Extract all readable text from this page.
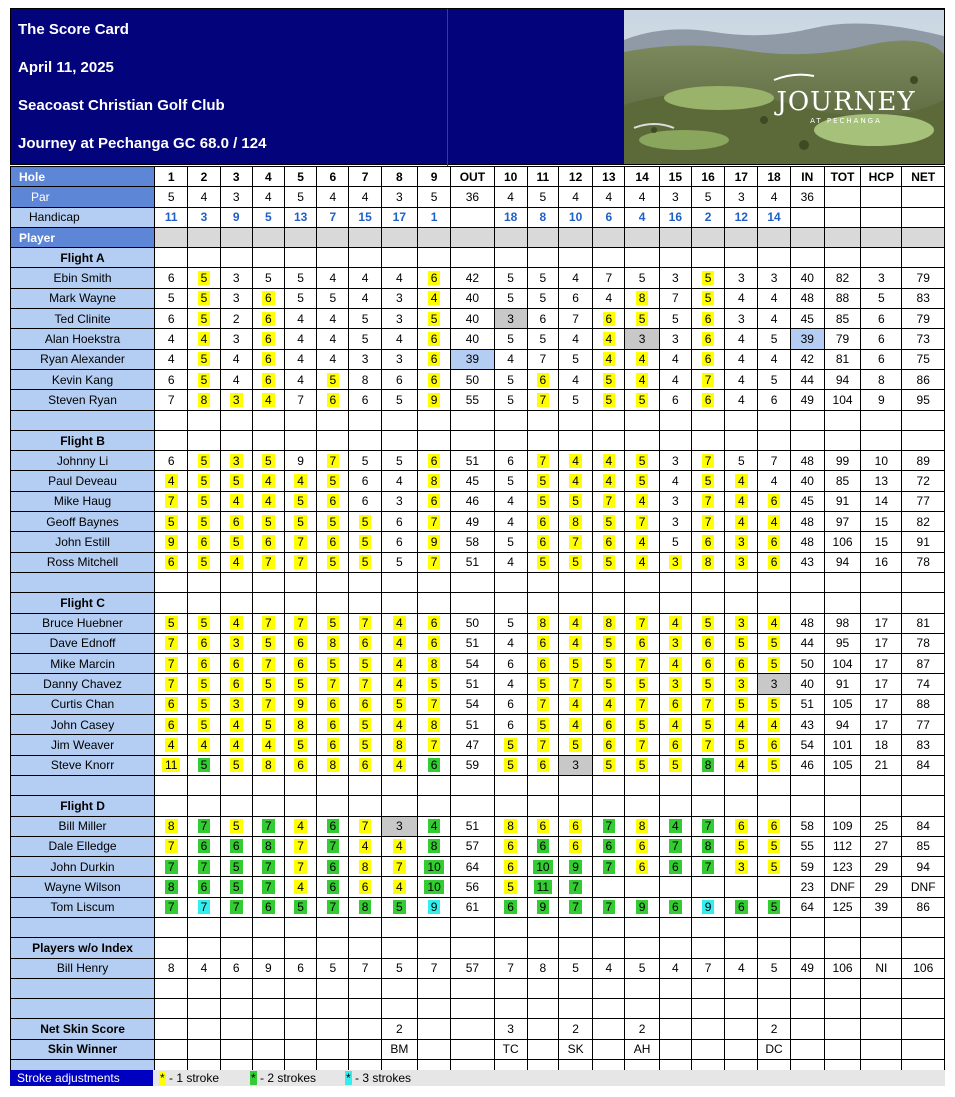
The Score Card
April 11, 2025
Seacoast Christian Golf Club
Journey at Pechanga GC 68.0 / 124
JOURNEY
AT PECHANGA
Hole	1	2	3	4	5	6	7	8	9	OUT	10	11	12	13	14	15	16	17	18	IN	TOT	HCP	NET
Par	5	4	3	4	5	4	4	3	5	36	4	5	4	4	4	3	5	3	4	36			
Handicap	11	3	9	5	13	7	15	17	1		18	8	10	6	4	16	2	12	14				
Player																							
Flight A																							
Ebin Smith	6	5	3	5	5	4	4	4	6	42	5	5	4	7	5	3	5	3	3	40	82	3	79
Mark Wayne	5	5	3	6	5	5	4	3	4	40	5	5	6	4	8	7	5	4	4	48	88	5	83
Ted Clinite	6	5	2	6	4	4	5	3	5	40	3	6	7	6	5	5	6	3	4	45	85	6	79
Alan Hoekstra	4	4	3	6	4	4	5	4	6	40	5	5	4	4	3	3	6	4	5	39	79	6	73
Ryan Alexander	4	5	4	6	4	4	3	3	6	39	4	7	5	4	4	4	6	4	4	42	81	6	75
Kevin Kang	6	5	4	6	4	5	8	6	6	50	5	6	4	5	4	4	7	4	5	44	94	8	86
Steven Ryan	7	8	3	4	7	6	6	5	9	55	5	7	5	5	5	6	6	4	6	49	104	9	95

Flight B																							
Johnny Li	6	5	3	5	9	7	5	5	6	51	6	7	4	4	5	3	7	5	7	48	99	10	89
Paul Deveau	4	5	5	4	4	5	6	4	8	45	5	5	4	4	5	4	5	4	4	40	85	13	72
Mike Haug	7	5	4	4	5	6	6	3	6	46	4	5	5	7	4	3	7	4	6	45	91	14	77
Geoff Baynes	5	5	6	5	5	5	5	6	7	49	4	6	8	5	7	3	7	4	4	48	97	15	82
John Estill	9	6	5	6	7	6	5	6	9	58	5	6	7	6	4	5	6	3	6	48	106	15	91
Ross Mitchell	6	5	4	7	7	5	5	5	7	51	4	5	5	5	4	3	8	3	6	43	94	16	78

Flight C																							
Bruce Huebner	5	5	4	7	7	5	7	4	6	50	5	8	4	8	7	4	5	3	4	48	98	17	81
Dave Ednoff	7	6	3	5	6	8	6	4	6	51	4	6	4	5	6	3	6	5	5	44	95	17	78
Mike Marcin	7	6	6	7	6	5	5	4	8	54	6	6	5	5	7	4	6	6	5	50	104	17	87
Danny Chavez	7	5	6	5	5	7	7	4	5	51	4	5	7	5	5	3	5	3	3	40	91	17	74
Curtis Chan	6	5	3	7	9	6	6	5	7	54	6	7	4	4	7	6	7	5	5	51	105	17	88
John Casey	6	5	4	5	8	6	5	4	8	51	6	5	4	6	5	4	5	4	4	43	94	17	77
Jim Weaver	4	4	4	4	5	6	5	8	7	47	5	7	5	6	7	6	7	5	6	54	101	18	83
Steve Knorr	11	5	5	8	6	8	6	4	6	59	5	6	3	5	5	5	8	4	5	46	105	21	84

Flight D																							
Bill Miller	8	7	5	7	4	6	7	3	4	51	8	6	6	7	8	4	7	6	6	58	109	25	84
Dale Elledge	7	6	6	8	7	7	4	4	8	57	6	6	6	6	6	7	8	5	5	55	112	27	85
John Durkin	7	7	5	7	7	6	8	7	10	64	6	10	9	7	6	6	7	3	5	59	123	29	94
Wayne Wilson	8	6	5	7	4	6	6	4	10	56	5	11	7							23	DNF	29	DNF
Tom Liscum	7	7	7	6	5	7	8	5	9	61	6	9	7	7	9	6	9	6	5	64	125	39	86

Players w/o Index																							
Bill Henry	8	4	6	9	6	5	7	5	7	57	7	8	5	4	5	4	7	4	5	49	106	NI	106

Net Skin Score								2			3		2		2				2				
Skin Winner								BM			TC		SK		AH				DC				

Stroke adjustments	* - 1 stroke	* - 2 strokes * - 3 strokes
